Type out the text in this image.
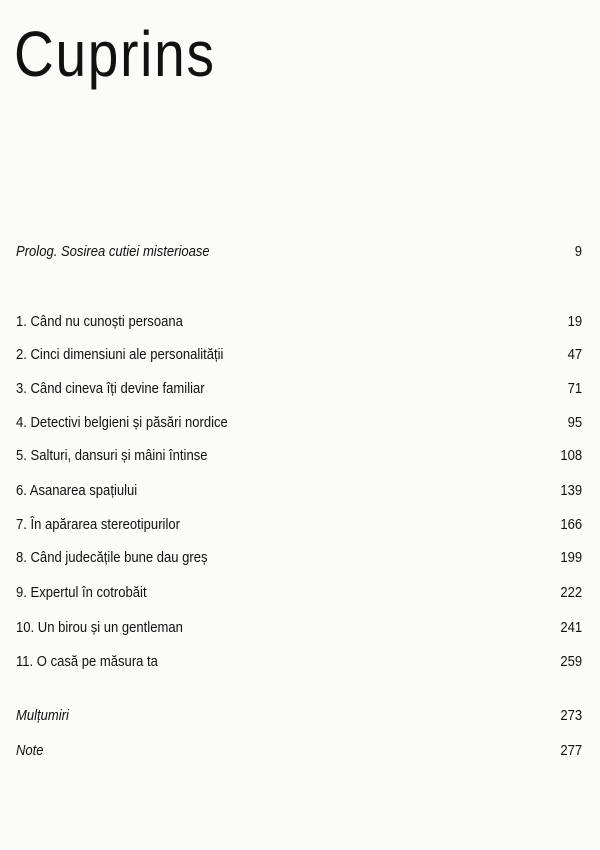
Cuprins
Prolog. Sosirea cutiei misterioase	9
1. Când nu cunoști persoana	19
2. Cinci dimensiuni ale personalității	47
3. Când cineva îți devine familiar	71
4. Detectivi belgieni și păsări nordice	95
5. Salturi, dansuri și mâini întinse	108
6. Asanarea spațiului	139
7. În apărarea stereotipurilor	166
8. Când judecățile bune dau greș	199
9. Expertul în cotrobăit	222
10. Un birou și un gentleman	241
11. O casă pe măsura ta	259
Mulțumiri	273
Note	277
